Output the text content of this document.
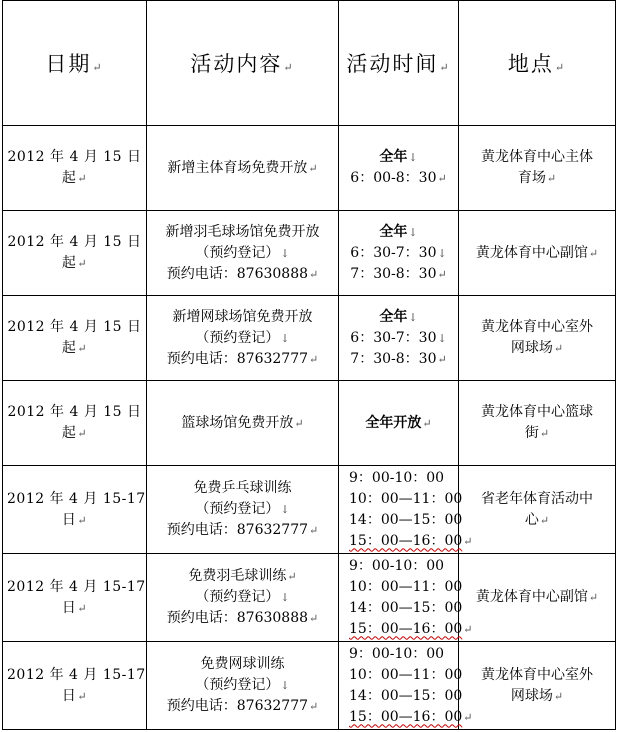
日期↵	活动内容↵	活动时间↵	地点↵

2012 年 4 月 15 日
起↵	新增主体育场免费开放↵	全年↓
6：00-8：30↵	黄龙体育中心主体
育场↵

2012 年 4 月 15 日
起↵	新增羽毛球场馆免费开放
（预约登记）↓
预约电话：87630888↵	全年↓
6：30-7：30↓
7：30-8：30↵	黄龙体育中心副馆↵

2012 年 4 月 15 日
起↵	新增网球场馆免费开放
（预约登记）↓
预约电话：87632777↵	全年↓
6：30-7：30↓
7：30-8：30↵	黄龙体育中心室外
网球场↵

2012 年 4 月 15 日
起↵	篮球场馆免费开放↵	全年开放↵	黄龙体育中心篮球
街↵

2012 年 4 月 15-17
日↵	免费乒乓球训练
（预约登记）↓
预约电话：87632777↵	9：00-10：00
10：00—11：00
14：00—15：00
15：00—16：00↵	省老年体育活动中
心↵

2012 年 4 月 15-17
日↵	免费羽毛球训练↵
（预约登记）↓
预约电话：87630888↵	9：00-10：00
10：00—11：00
14：00—15：00
15：00—16：00↵	黄龙体育中心副馆↵

2012 年 4 月 15-17
日↵	免费网球训练
（预约登记）↓
预约电话：87632777↵	9：00-10：00
10：00—11：00
14：00—15：00
15：00—16：00↵	黄龙体育中心室外
网球场↵
